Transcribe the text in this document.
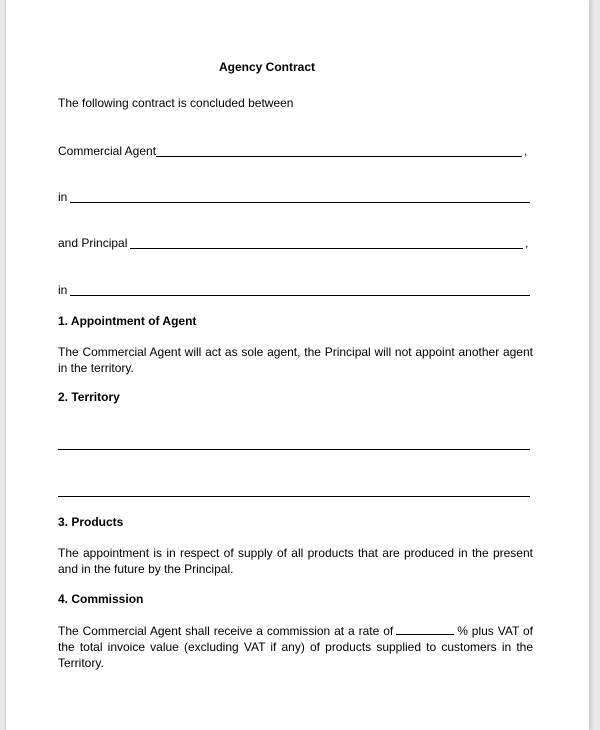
Agency Contract
The following contract is concluded between
Commercial Agent	,
in
and Principal	,
in
1. Appointment of Agent
The Commercial Agent will act as sole agent, the Principal will not appoint another agent in the territory.
2. Territory
3. Products
The appointment is in respect of supply of all products that are produced in the present and in the future by the Principal.
4. Commission
The Commercial Agent shall receive a commission at a rate of	% plus VAT of the total invoice value (excluding VAT if any) of products supplied to customers in the Territory.
